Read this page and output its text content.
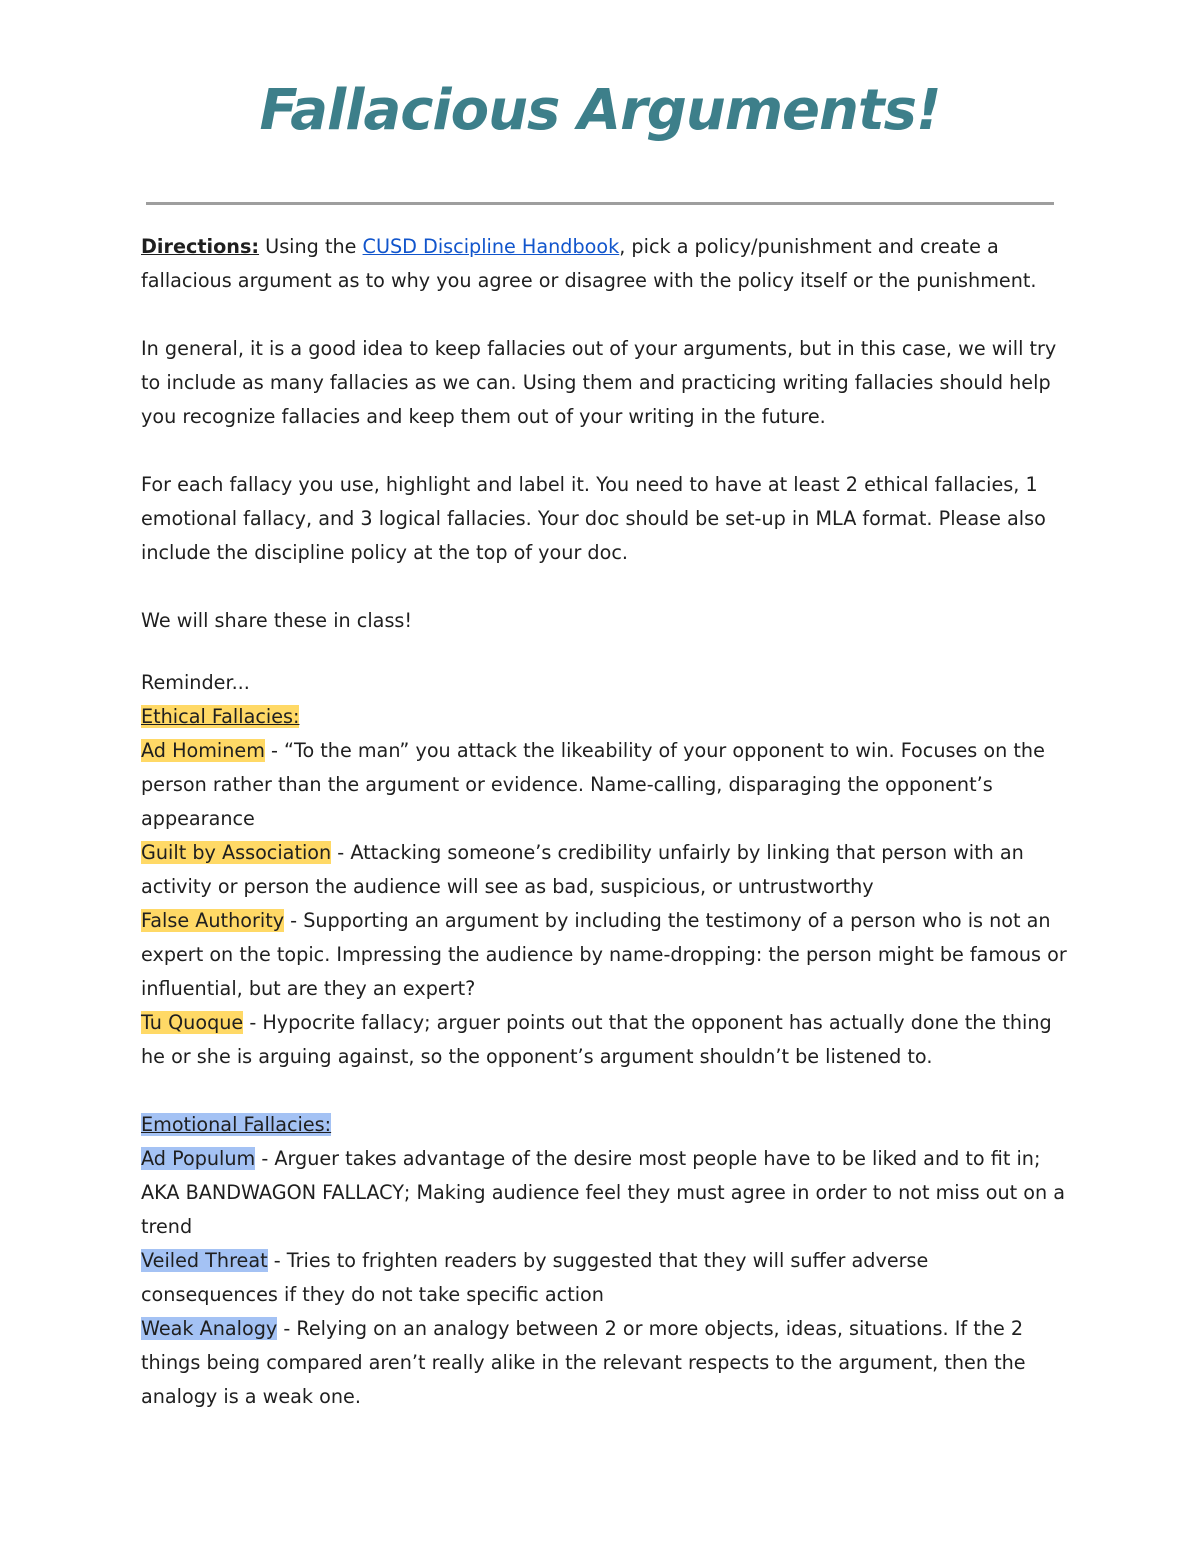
Fallacious Arguments!

Directions: Using the CUSD Discipline Handbook, pick a policy/punishment and create a fallacious argument as to why you agree or disagree with the policy itself or the punishment.

In general, it is a good idea to keep fallacies out of your arguments, but in this case, we will try to include as many fallacies as we can. Using them and practicing writing fallacies should help you recognize fallacies and keep them out of your writing in the future.

For each fallacy you use, highlight and label it. You need to have at least 2 ethical fallacies, 1 emotional fallacy, and 3 logical fallacies. Your doc should be set-up in MLA format. Please also include the discipline policy at the top of your doc.

We will share these in class!

Reminder...

Ethical Fallacies:

Ad Hominem - “To the man” you attack the likeability of your opponent to win. Focuses on the person rather than the argument or evidence. Name-calling, disparaging the opponent’s appearance

Guilt by Association - Attacking someone’s credibility unfairly by linking that person with an activity or person the audience will see as bad, suspicious, or untrustworthy

False Authority - Supporting an argument by including the testimony of a person who is not an expert on the topic. Impressing the audience by name-dropping: the person might be famous or influential, but are they an expert?

Tu Quoque - Hypocrite fallacy; arguer points out that the opponent has actually done the thing he or she is arguing against, so the opponent’s argument shouldn’t be listened to.

Emotional Fallacies:

Ad Populum - Arguer takes advantage of the desire most people have to be liked and to fit in; AKA BANDWAGON FALLACY; Making audience feel they must agree in order to not miss out on a trend

Veiled Threat - Tries to frighten readers by suggested that they will suffer adverse consequences if they do not take specific action

Weak Analogy - Relying on an analogy between 2 or more objects, ideas, situations. If the 2 things being compared aren’t really alike in the relevant respects to the argument, then the analogy is a weak one.
